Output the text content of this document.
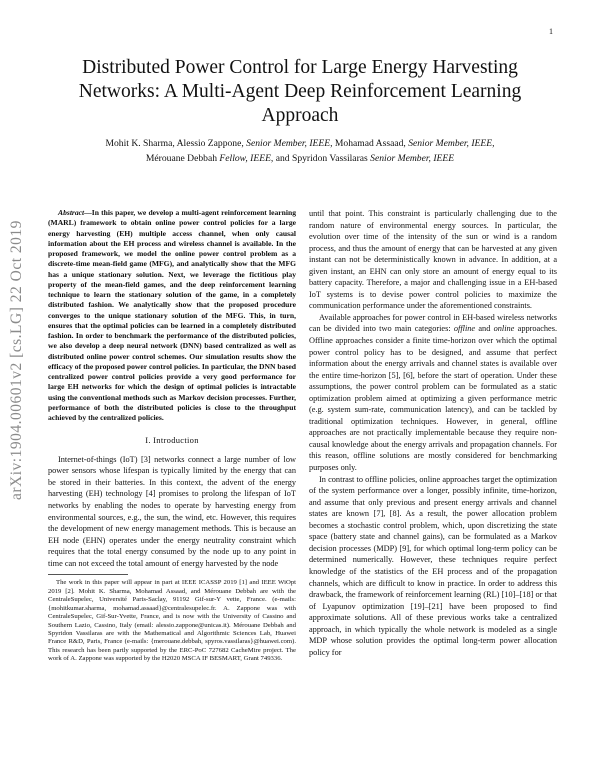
1
arXiv:1904.00601v2 [cs.LG] 22 Oct 2019
Distributed Power Control for Large Energy Harvesting Networks: A Multi-Agent Deep Reinforcement Learning Approach
Mohit K. Sharma, Alessio Zappone, Senior Member, IEEE, Mohamad Assaad, Senior Member, IEEE,
Mérouane Debbah Fellow, IEEE, and Spyridon Vassilaras Senior Member, IEEE

Abstract—In this paper, we develop a multi-agent reinforcement learning (MARL) framework to obtain online power control policies for a large energy harvesting (EH) multiple access channel, when only causal information about the EH process and wireless channel is available. In the proposed framework, we model the online power control problem as a discrete-time mean-field game (MFG), and analytically show that the MFG has a unique stationary solution. Next, we leverage the fictitious play property of the mean-field games, and the deep reinforcement learning technique to learn the stationary solution of the game, in a completely distributed fashion. We analytically show that the proposed procedure converges to the unique stationary solution of the MFG. This, in turn, ensures that the optimal policies can be learned in a completely distributed fashion. In order to benchmark the performance of the distributed policies, we also develop a deep neural network (DNN) based centralized as well as distributed online power control schemes. Our simulation results show the efficacy of the proposed power control policies. In particular, the DNN based centralized power control policies provide a very good performance for large EH networks for which the design of optimal policies is intractable using the conventional methods such as Markov decision processes. Further, performance of both the distributed policies is close to the throughput achieved by the centralized policies.

I. Introduction

Internet-of-things (IoT) [3] networks connect a large number of low power sensors whose lifespan is typically limited by the energy that can be stored in their batteries. In this context, the advent of the energy harvesting (EH) technology [4] promises to prolong the lifespan of IoT networks by enabling the nodes to operate by harvesting energy from environmental sources, e.g., the sun, the wind, etc. However, this requires the development of new energy management methods. This is because an EH node (EHN) operates under the energy neutrality constraint which requires that the total energy consumed by the node up to any point in time can not exceed the total amount of energy harvested by the node

The work in this paper will appear in part at IEEE ICASSP 2019 [1] and IEEE WiOpt 2019 [2]. Mohit K. Sharma, Mohamad Assaad, and Mérouane Debbah are with the CentraleSupelec, Université Paris-Saclay, 91192 Gif-sur-Y vette, France. (e-mails: {mohitkumar.sharma, mohamad.assaad}@centralesupelec.fr. A. Zappone was with CentraleSupelec, Gif-Sur-Yvette, France, and is now with the University of Cassino and Southern Lazio, Cassino, Italy (email: alessio.zappone@unicas.it). Mérouane Debbah and Spyridon Vassilaras are with the Mathematical and Algorithmic Sciences Lab, Huawei France R&D, Paris, France (e-mails: {merouane.debbah, spyros.vassilaras}@huawei.com). This research has been partly supported by the ERC-PoC 727682 CacheMire project. The work of A. Zappone was supported by the H2020 MSCA IF BESMART, Grant 749336.

until that point. This constraint is particularly challenging due to the random nature of environmental energy sources. In particular, the evolution over time of the intensity of the sun or wind is a random process, and thus the amount of energy that can be harvested at any given instant can not be deterministically known in advance. In addition, at a given instant, an EHN can only store an amount of energy equal to its battery capacity. Therefore, a major and challenging issue in a EH-based IoT systems is to devise power control policies to maximize the communication performance under the aforementioned constraints.

Available approaches for power control in EH-based wireless networks can be divided into two main categories: offline and online approaches. Offline approaches consider a finite time-horizon over which the optimal power control policy has to be designed, and assume that perfect information about the energy arrivals and channel states is available over the entire time-horizon [5], [6], before the start of operation. Under these assumptions, the power control problem can be formulated as a static optimization problem aimed at optimizing a given performance metric (e.g. system sum-rate, communication latency), and can be tackled by traditional optimization techniques. However, in general, offline approaches are not practically implementable because they require non-causal knowledge about the energy arrivals and propagation channels. For this reason, offline solutions are mostly considered for benchmarking purposes only.

In contrast to offline policies, online approaches target the optimization of the system performance over a longer, possibly infinite, time-horizon, and assume that only previous and present energy arrivals and channel states are known [7], [8]. As a result, the power allocation problem becomes a stochastic control problem, which, upon discretizing the state space (battery state and channel gains), can be formulated as a Markov decision processes (MDP) [9], for which optimal long-term policy can be determined numerically. However, these techniques require perfect knowledge of the statistics of the EH process and of the propagation channels, which are difficult to know in practice. In order to address this drawback, the framework of reinforcement learning (RL) [10]–[18] or that of Lyapunov optimization [19]–[21] have been proposed to find approximate solutions. All of these previous works take a centralized approach, in which typically the whole network is modeled as a single MDP whose solution provides the optimal long-term power allocation policy for
